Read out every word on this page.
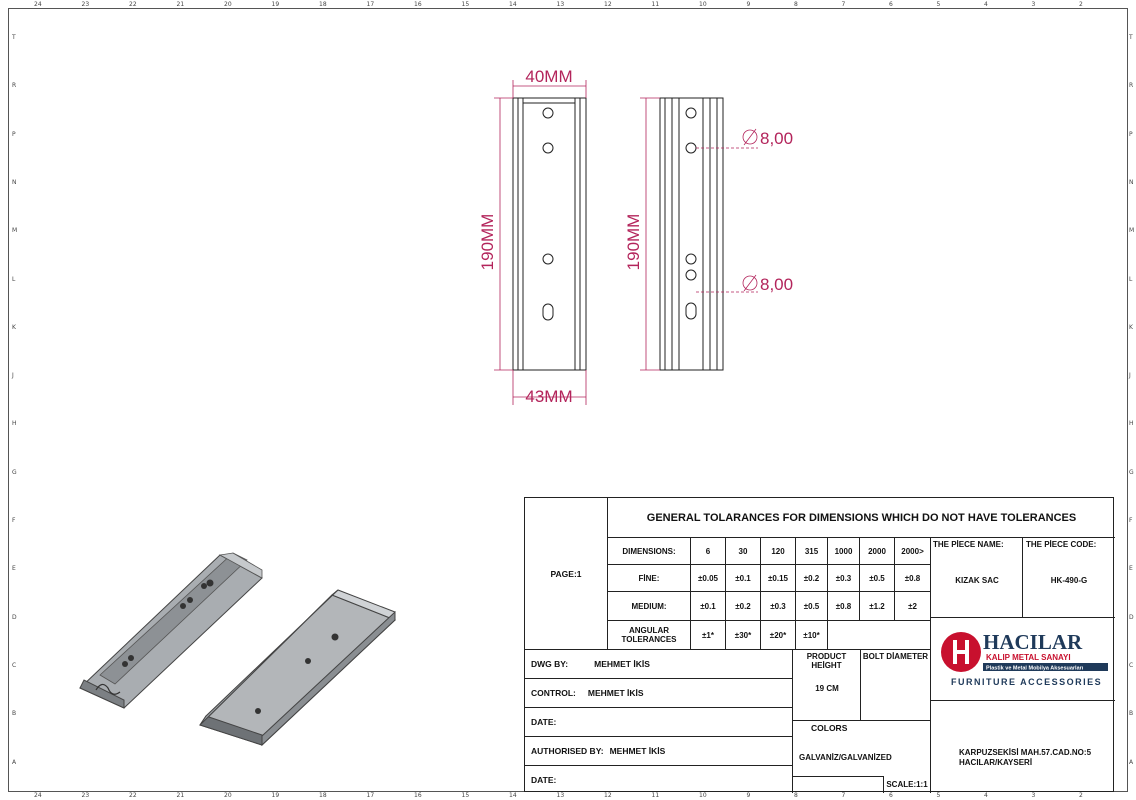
24
24
23
23
22
22
21
21
20
20
19
19
18
18
17
17
16
16
15
15
14
14
13
13
12
12
11
11
10
10
9
9
8
8
7
7
6
6
5
5
4
4
3
3
2
2
T	T
R	R
P	P
N	N
M	M
L	L
K	K
J	J
H	H
G	G
F	F
E	E
D	D
C	C
B	B
A	A
40MM
43MM
190MM	190MM
8,00
8,00
PAGE:1
GENERAL TOLARANCES FOR DIMENSIONS WHICH DO NOT HAVE TOLERANCES
DIMENSIONS:	6	30	120	315	1000	2000	2000>
FİNE:	±0.05	±0.1	±0.15	±0.2	±0.3	±0.5	±0.8
MEDIUM:	±0.1	±0.2	±0.3	±0.5	±0.8	±1.2	±2
ANGULAR TOLERANCES	±1*	±30*	±20*	±10*
THE PİECE NAME:
KIZAK SAC
THE PİECE CODE:
HK-490-G
HACILAR
KALIP METAL SANAYI
Plastik ve Metal Mobilya Aksesuarları
FURNITURE ACCESSORIES
DWG BY:	MEHMET İKİS
CONTROL: MEHMET İKİS
DATE:
AUTHORISED BY: MEHMET İKİS
DATE:
PRODUCT HEİGHT
19 CM
BOLT DİAMETER
COLORS
GALVANİZ/GALVANİZED
SCALE:1:1
KARPUZSEKİSİ MAH.57.CAD.NO:5
HACILAR/KAYSERİ
